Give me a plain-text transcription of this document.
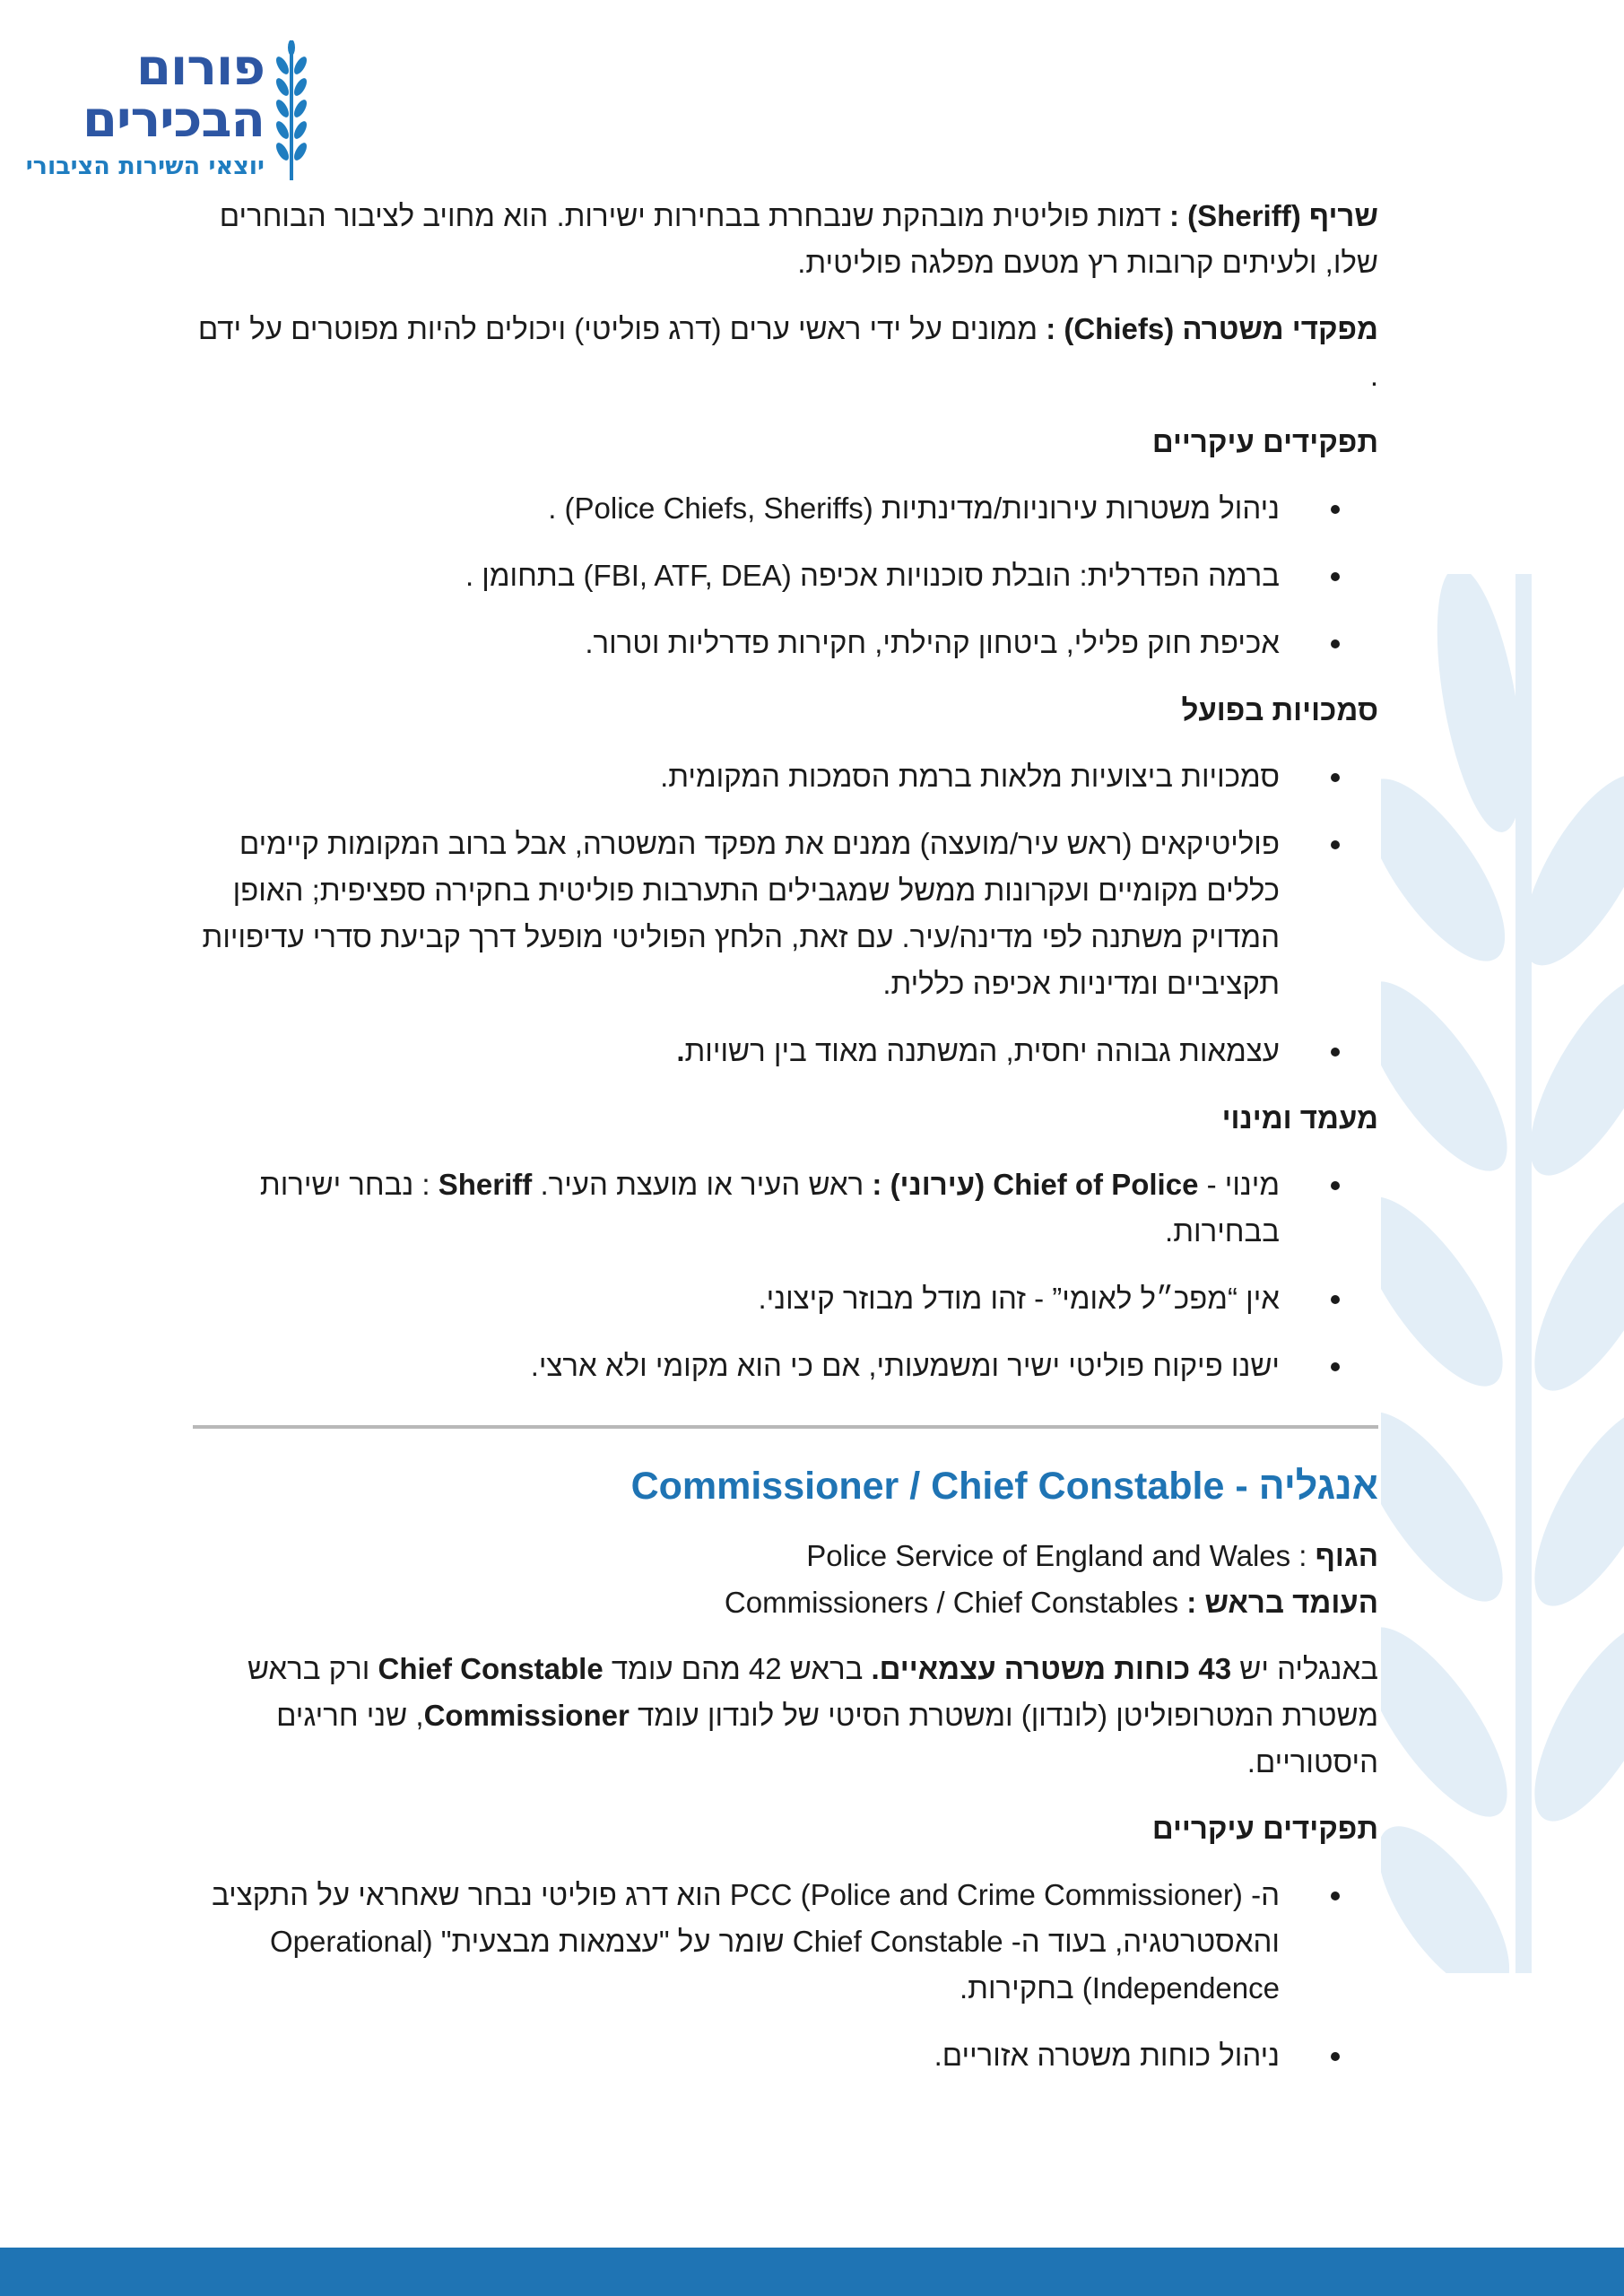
פורום
הבכירים
יוצאי השירות הציבורי

שריף (Sheriff) : דמות פוליטית מובהקת שנבחרת בבחירות ישירות. הוא מחויב לציבור הבוחרים שלו, ולעיתים קרובות רץ מטעם מפלגה פוליטית.

מפקדי משטרה (Chiefs) : ממונים על ידי ראשי ערים (דרג פוליטי) ויכולים להיות מפוטרים על ידם .

תפקידים עיקריים

ניהול משטרות עירוניות/מדינתיות (Police Chiefs, Sheriffs) .
ברמה הפדרלית: הובלת סוכנויות אכיפה (FBI, ATF, DEA) בתחומן .
אכיפת חוק פלילי, ביטחון קהילתי, חקירות פדרליות וטרור.

סמכויות בפועל

סמכויות ביצועיות מלאות ברמת הסמכות המקומית.
פוליטיקאים (ראש עיר/מועצה) ממנים את מפקד המשטרה, אבל ברוב המקומות קיימים כללים מקומיים ועקרונות ממשל שמגבילים התערבות פוליטית בחקירה ספציפית; האופן המדויק משתנה לפי מדינה/עיר. עם זאת, הלחץ הפוליטי מופעל דרך קביעת סדרי עדיפויות תקציביים ומדיניות אכיפה כללית.
עצמאות גבוהה יחסית, המשתנה מאוד בין רשויות.

מעמד ומינוי

מינוי - Chief of Police (עירוני) : ראש העיר או מועצת העיר. Sheriff : נבחר ישירות בבחירות.
אין “מפכ״ל לאומי” - זהו מודל מבוזר קיצוני.
ישנו פיקוח פוליטי ישיר ומשמעותי, אם כי הוא מקומי ולא ארצי.

אנגליה - Commissioner / Chief Constable

הגוף : Police Service of England and Wales

העומד בראש : Commissioners / Chief Constables

באנגליה יש 43 כוחות משטרה עצמאיים. בראש 42 מהם עומד Chief Constable ורק בראש משטרת המטרופוליטן (לונדון) ומשטרת הסיטי של לונדון עומד Commissioner, שני חריגים היסטוריים.

תפקידים עיקריים

ה- PCC (Police and Crime Commissioner) הוא דרג פוליטי נבחר שאחראי על התקציב והאסטרטגיה, בעוד ה- Chief Constable שומר על "עצמאות מבצעית" (Operational Independence) בחקירות.
ניהול כוחות משטרה אזוריים.
